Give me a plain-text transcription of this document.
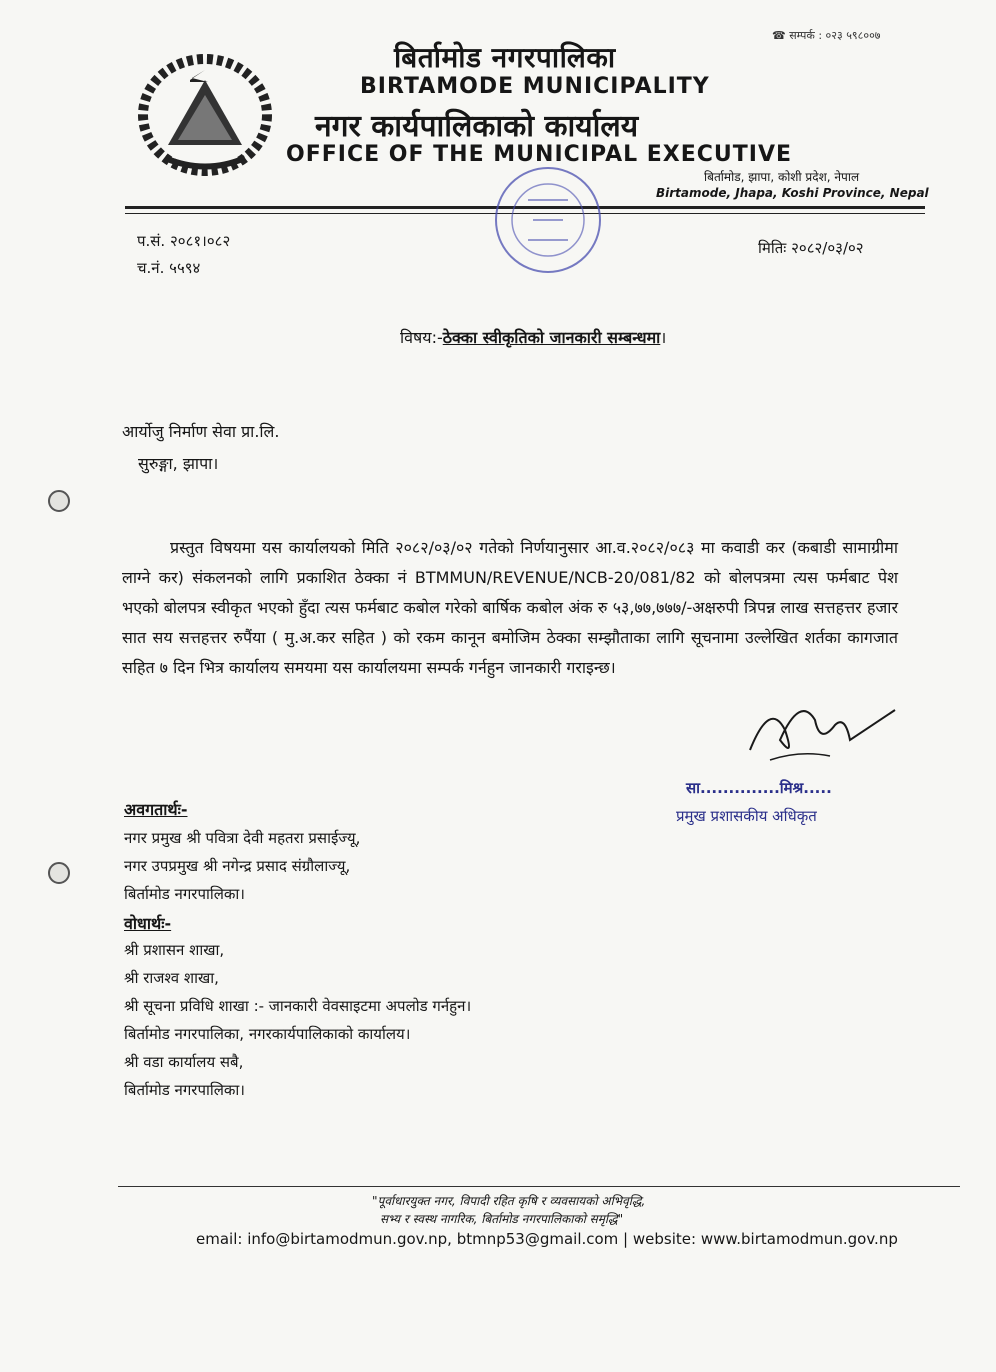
☎ सम्पर्क : ०२३ ५९८००७
बिर्तामोड नगरपालिका
BIRTAMODE MUNICIPALITY
नगर कार्यपालिकाको कार्यालय
OFFICE OF THE MUNICIPAL EXECUTIVE
बिर्तामोड, झापा, कोशी प्रदेश, नेपाल
Birtamode, Jhapa, Koshi Province, Nepal
प.सं. २०८१।०८२
च.नं. ५५९४
मितिः २०८२/०३/०२
विषय:-ठेक्का स्वीकृतिको जानकारी सम्बन्धमा।
आर्योजु निर्माण सेवा प्रा.लि.
सुरुङ्गा, झापा।
प्रस्तुत विषयमा यस कार्यालयको मिति २०८२/०३/०२ गतेको निर्णयानुसार आ.व.२०८२/०८३ मा कवाडी कर (कबाडी सामाग्रीमा लाग्ने कर) संकलनको लागि प्रकाशित ठेक्का नं BTMMUN/REVENUE/NCB-20/081/82 को बोलपत्रमा त्यस फर्मबाट पेश भएको बोलपत्र स्वीकृत भएको हुँदा त्यस फर्मबाट कबोल गरेको बार्षिक कबोल अंक रु ५३,७७,७७७/-अक्षरुपी त्रिपन्न लाख सत्तहत्तर हजार सात सय सत्तहत्तर रुपैंया ( मु.अ.कर सहित ) को रकम कानून बमोजिम ठेक्का सम्झौताका लागि सूचनामा उल्लेखित शर्तका कागजात सहित ७ दिन भित्र कार्यालय समयमा यस कार्यालयमा सम्पर्क गर्नहुन जानकारी गराइन्छ।
सा..............मिश्र.....
प्रमुख प्रशासकीय अधिकृत
अवगतार्थः-
नगर प्रमुख श्री पवित्रा देवी महतरा प्रसाईज्यू,
नगर उपप्रमुख श्री नगेन्द्र प्रसाद संग्रौलाज्यू,
बिर्तामोड नगरपालिका।
वोधार्थः-
श्री प्रशासन शाखा,
श्री राजश्व शाखा,
श्री सूचना प्रविधि शाखा :- जानकारी वेवसाइटमा अपलोड गर्नहुन।
बिर्तामोड नगरपालिका, नगरकार्यपालिकाको कार्यालय।
श्री वडा कार्यालय सबै,
बिर्तामोड नगरपालिका।
"पूर्वाधारयुक्त नगर, विपादी रहित कृषि र व्यवसायको अभिवृद्धि,
सभ्य र स्वस्थ नागरिक, बिर्तामोड नगरपालिकाको समृद्धि"
email: info@birtamodmun.gov.np, btmnp53@gmail.com | website: www.birtamodmun.gov.np
